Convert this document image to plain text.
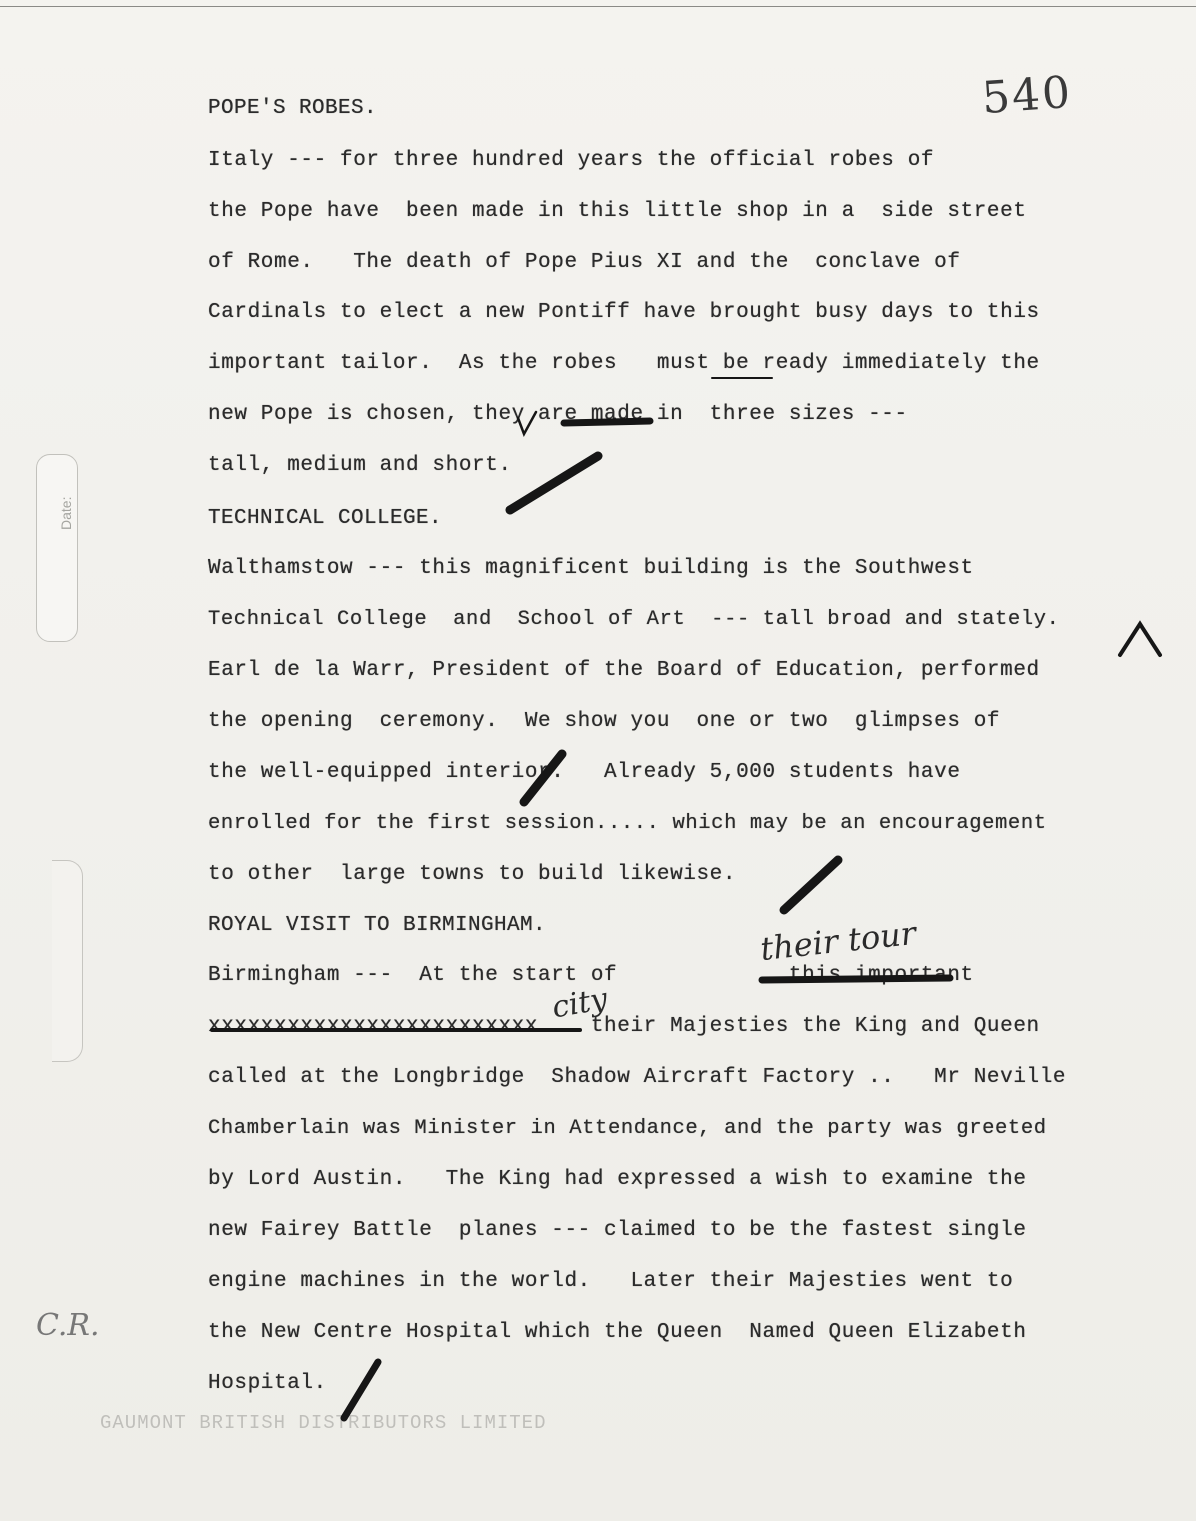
540
Date:
POPE'S ROBES.
Italy --- for three hundred years the official robes of
the Pope have  been made in this little shop in a  side street
of Rome.   The death of Pope Pius XI and the  conclave of
Cardinals to elect a new Pontiff have brought busy days to this
important tailor.  As the robes   must be ready immediately the
new Pope is chosen, they are made in  three sizes ---
tall, medium and short.
TECHNICAL COLLEGE.
Walthamstow --- this magnificent building is the Southwest
Technical College  and  School of Art  --- tall broad and stately.
Earl de la Warr, President of the Board of Education, performed
the opening  ceremony.  We show you  one or two  glimpses of
the well-equipped interior.   Already 5,000 students have
enrolled for the first session..... which may be an encouragement
to other  large towns to build likewise.
ROYAL VISIT TO BIRMINGHAM.
Birmingham ---  At the start of             this important
xxxxxxxxxxxxxxxxxxxxxxxxx    their Majesties the King and Queen
called at the Longbridge  Shadow Aircraft Factory ..   Mr Neville
Chamberlain was Minister in Attendance, and the party was greeted
by Lord Austin.   The King had expressed a wish to examine the
new Fairey Battle  planes --- claimed to be the fastest single
engine machines in the world.   Later their Majesties went to
the New Centre Hospital which the Queen  Named Queen Elizabeth
Hospital.
their tour
city
C.R.
GAUMONT BRITISH DISTRIBUTORS LIMITED
